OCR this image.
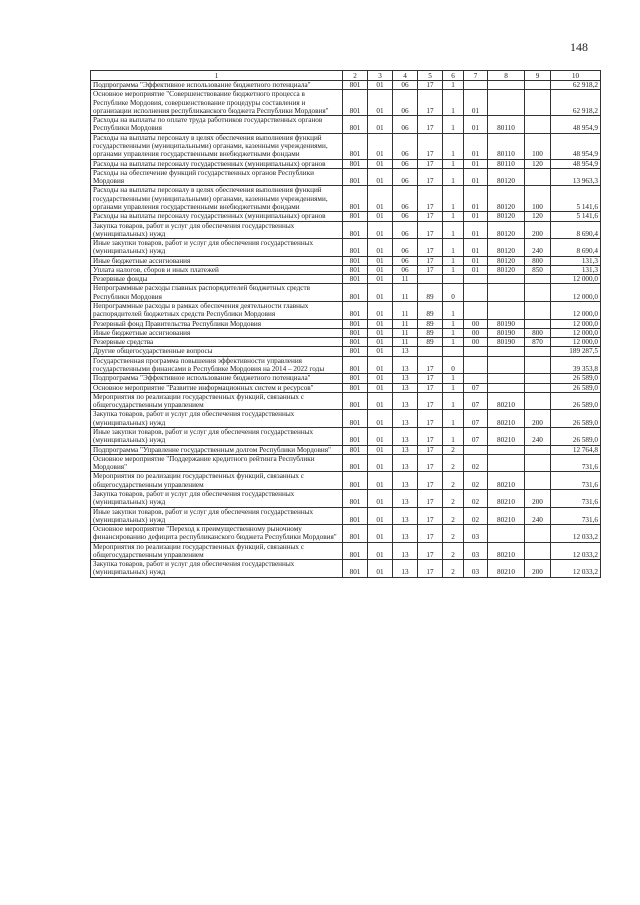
148
1	2	3	4	5	6	7	8	9	10
Подпрограмма "Эффективное использование бюджетного потенциала"	801	01	06	17	1				62 918,2
Основное мероприятие "Совершенствование бюджетного процесса в Республике Мордовия, совершенствование процедуры составления и организации исполнения республиканского бюджета Республики Мордовия"	801	01	06	17	1	01			62 918,2
Расходы на выплаты по оплате труда работников государственных органов Республики Мордовия	801	01	06	17	1	01	80110		48 954,9
Расходы на выплаты персоналу в целях обеспечения выполнения функций государственными (муниципальными) органами, казенными учреждениями, органами управления государственными внебюджетными фондами	801	01	06	17	1	01	80110	100	48 954,9
Расходы на выплаты персоналу государственных (муниципальных) органов	801	01	06	17	1	01	80110	120	48 954,9
Расходы на обеспечение функций государственных органов Республики Мордовия	801	01	06	17	1	01	80120		13 963,3
Расходы на выплаты персоналу в целях обеспечения выполнения функций государственными (муниципальными) органами, казенными учреждениями, органами управления государственными внебюджетными фондами	801	01	06	17	1	01	80120	100	5 141,6
Расходы на выплаты персоналу государственных (муниципальных) органов	801	01	06	17	1	01	80120	120	5 141,6
Закупка товаров, работ и услуг для обеспечения государственных (муниципальных) нужд	801	01	06	17	1	01	80120	200	8 690,4
Иные закупки товаров, работ и услуг для обеспечения государственных (муниципальных) нужд	801	01	06	17	1	01	80120	240	8 690,4
Иные бюджетные ассигнования	801	01	06	17	1	01	80120	800	131,3
Уплата налогов, сборов и иных платежей	801	01	06	17	1	01	80120	850	131,3
Резервные фонды	801	01	11						12 000,0
Непрограммные расходы главных распорядителей бюджетных средств Республики Мордовия	801	01	11	89	0				12 000,0
Непрограммные расходы в рамках обеспечения деятельности главных распорядителей бюджетных средств Республики Мордовия	801	01	11	89	1				12 000,0
Резервный фонд Правительства Республики Мордовия	801	01	11	89	1	00	80190		12 000,0
Иные бюджетные ассигнования	801	01	11	89	1	00	80190	800	12 000,0
Резервные средства	801	01	11	89	1	00	80190	870	12 000,0
Другие общегосударственные вопросы	801	01	13						189 287,5
Государственная программа повышения эффективности управления государственными финансами в Республике Мордовия на 2014 – 2022 годы	801	01	13	17	0				39 353,8
Подпрограмма "Эффективное использование бюджетного потенциала"	801	01	13	17	1				26 589,0
Основное мероприятие "Развитие информационных систем и ресурсов"	801	01	13	17	1	07			26 589,0
Мероприятия по реализации государственных функций, связанных с общегосударственным управлением	801	01	13	17	1	07	80210		26 589,0
Закупка товаров, работ и услуг для обеспечения государственных (муниципальных) нужд	801	01	13	17	1	07	80210	200	26 589,0
Иные закупки товаров, работ и услуг для обеспечения государственных (муниципальных) нужд	801	01	13	17	1	07	80210	240	26 589,0
Подпрограмма "Управление государственным долгом Республики Мордовия"	801	01	13	17	2				12 764,8
Основное мероприятие "Поддержание кредитного рейтинга Республики Мордовия"	801	01	13	17	2	02			731,6
Мероприятия по реализации государственных функций, связанных с общегосударственным управлением	801	01	13	17	2	02	80210		731,6
Закупка товаров, работ и услуг для обеспечения государственных (муниципальных) нужд	801	01	13	17	2	02	80210	200	731,6
Иные закупки товаров, работ и услуг для обеспечения государственных (муниципальных) нужд	801	01	13	17	2	02	80210	240	731,6
Основное мероприятие "Переход к преимущественному рыночному финансированию дефицита республиканского бюджета Республики Мордовия"	801	01	13	17	2	03			12 033,2
Мероприятия по реализации государственных функций, связанных с общегосударственным управлением	801	01	13	17	2	03	80210		12 033,2
Закупка товаров, работ и услуг для обеспечения государственных (муниципальных) нужд	801	01	13	17	2	03	80210	200	12 033,2
